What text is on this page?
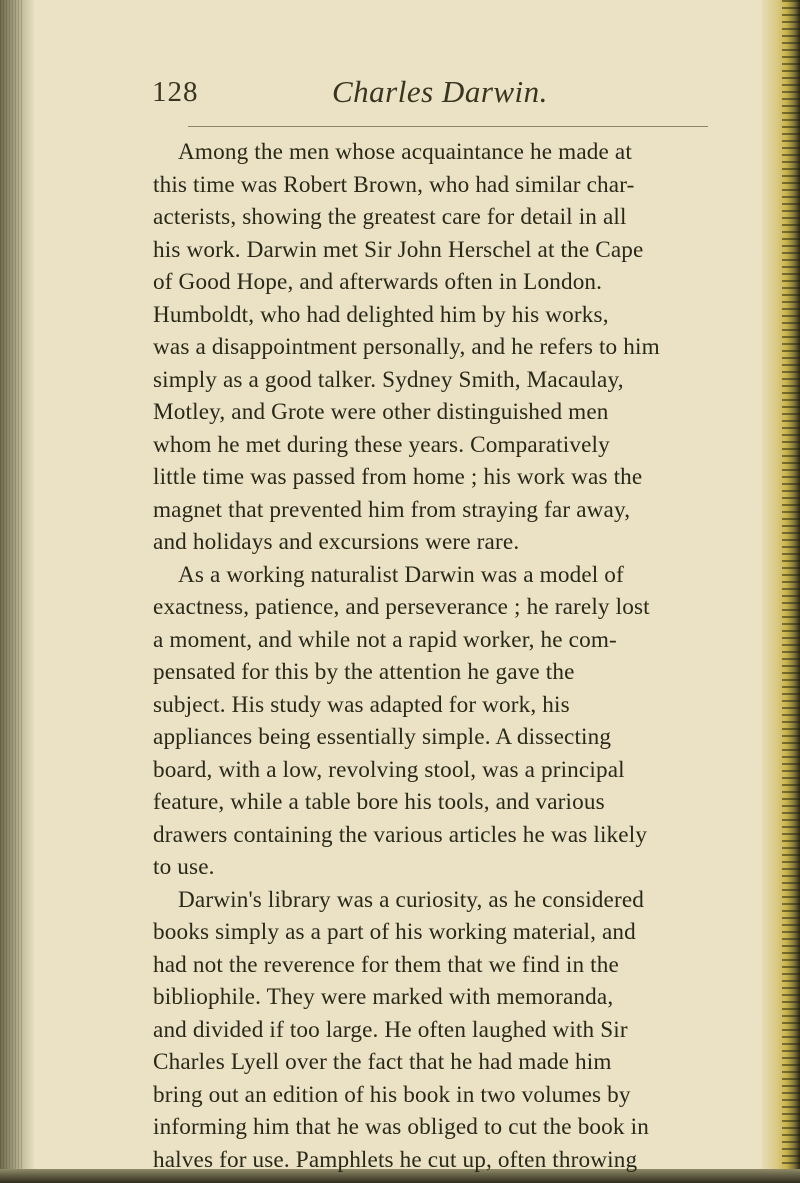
128	Charles Darwin.
Among the men whose acquaintance he made at
this time was Robert Brown, who had similar char-
acterists, showing the greatest care for detail in all
his work. Darwin met Sir John Herschel at the Cape
of Good Hope, and afterwards often in London.
Humboldt, who had delighted him by his works,
was a disappointment personally, and he refers to him
simply as a good talker. Sydney Smith, Macaulay,
Motley, and Grote were other distinguished men
whom he met during these years. Comparatively
little time was passed from home ; his work was the
magnet that prevented him from straying far away,
and holidays and excursions were rare.
As a working naturalist Darwin was a model of
exactness, patience, and perseverance ; he rarely lost
a moment, and while not a rapid worker, he com-
pensated for this by the attention he gave the
subject. His study was adapted for work, his
appliances being essentially simple. A dissecting
board, with a low, revolving stool, was a principal
feature, while a table bore his tools, and various
drawers containing the various articles he was likely
to use.
Darwin's library was a curiosity, as he considered
books simply as a part of his working material, and
had not the reverence for them that we find in the
bibliophile. They were marked with memoranda,
and divided if too large. He often laughed with Sir
Charles Lyell over the fact that he had made him
bring out an edition of his book in two volumes by
informing him that he was obliged to cut the book in
halves for use. Pamphlets he cut up, often throwing
